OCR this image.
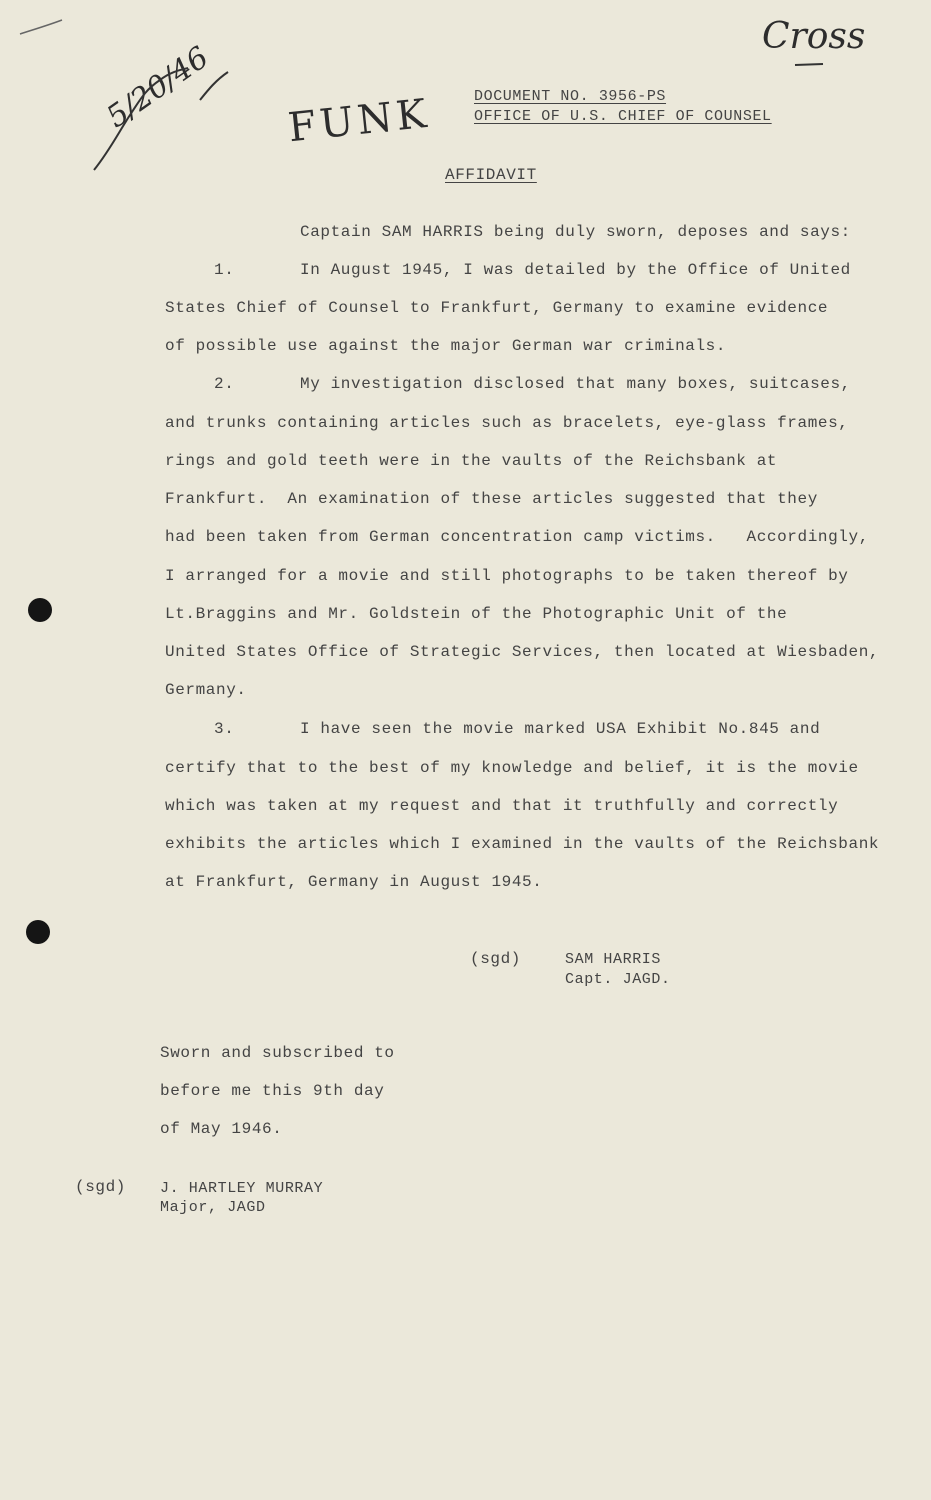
Cross
FUNK
5/20/46	DOCUMENT NO. 3956-PS
OFFICE OF U.S. CHIEF OF COUNSEL
AFFIDAVIT
Captain SAM HARRIS being duly sworn, deposes and says:
1.	In August 1945, I was detailed by the Office of United
States Chief of Counsel to Frankfurt, Germany to examine evidence
of possible use against the major German war criminals.
2.	My investigation disclosed that many boxes, suitcases,
and trunks containing articles such as bracelets, eye-glass frames,
rings and gold teeth were in the vaults of the Reichsbank at
Frankfurt.  An examination of these articles suggested that they
had been taken from German concentration camp victims.   Accordingly,
I arranged for a movie and still photographs to be taken thereof by
Lt.Braggins and Mr. Goldstein of the Photographic Unit of the
United States Office of Strategic Services, then located at Wiesbaden,
Germany.
3.	I have seen the movie marked USA Exhibit No.845 and
certify that to the best of my knowledge and belief, it is the movie
which was taken at my request and that it truthfully and correctly
exhibits the articles which I examined in the vaults of the Reichsbank
at Frankfurt, Germany in August 1945.
(sgd)	SAM HARRIS
Capt. JAGD.
Sworn and subscribed to
before me this 9th day
of May 1946.
(sgd) J. HARTLEY MURRAY
Major, JAGD
